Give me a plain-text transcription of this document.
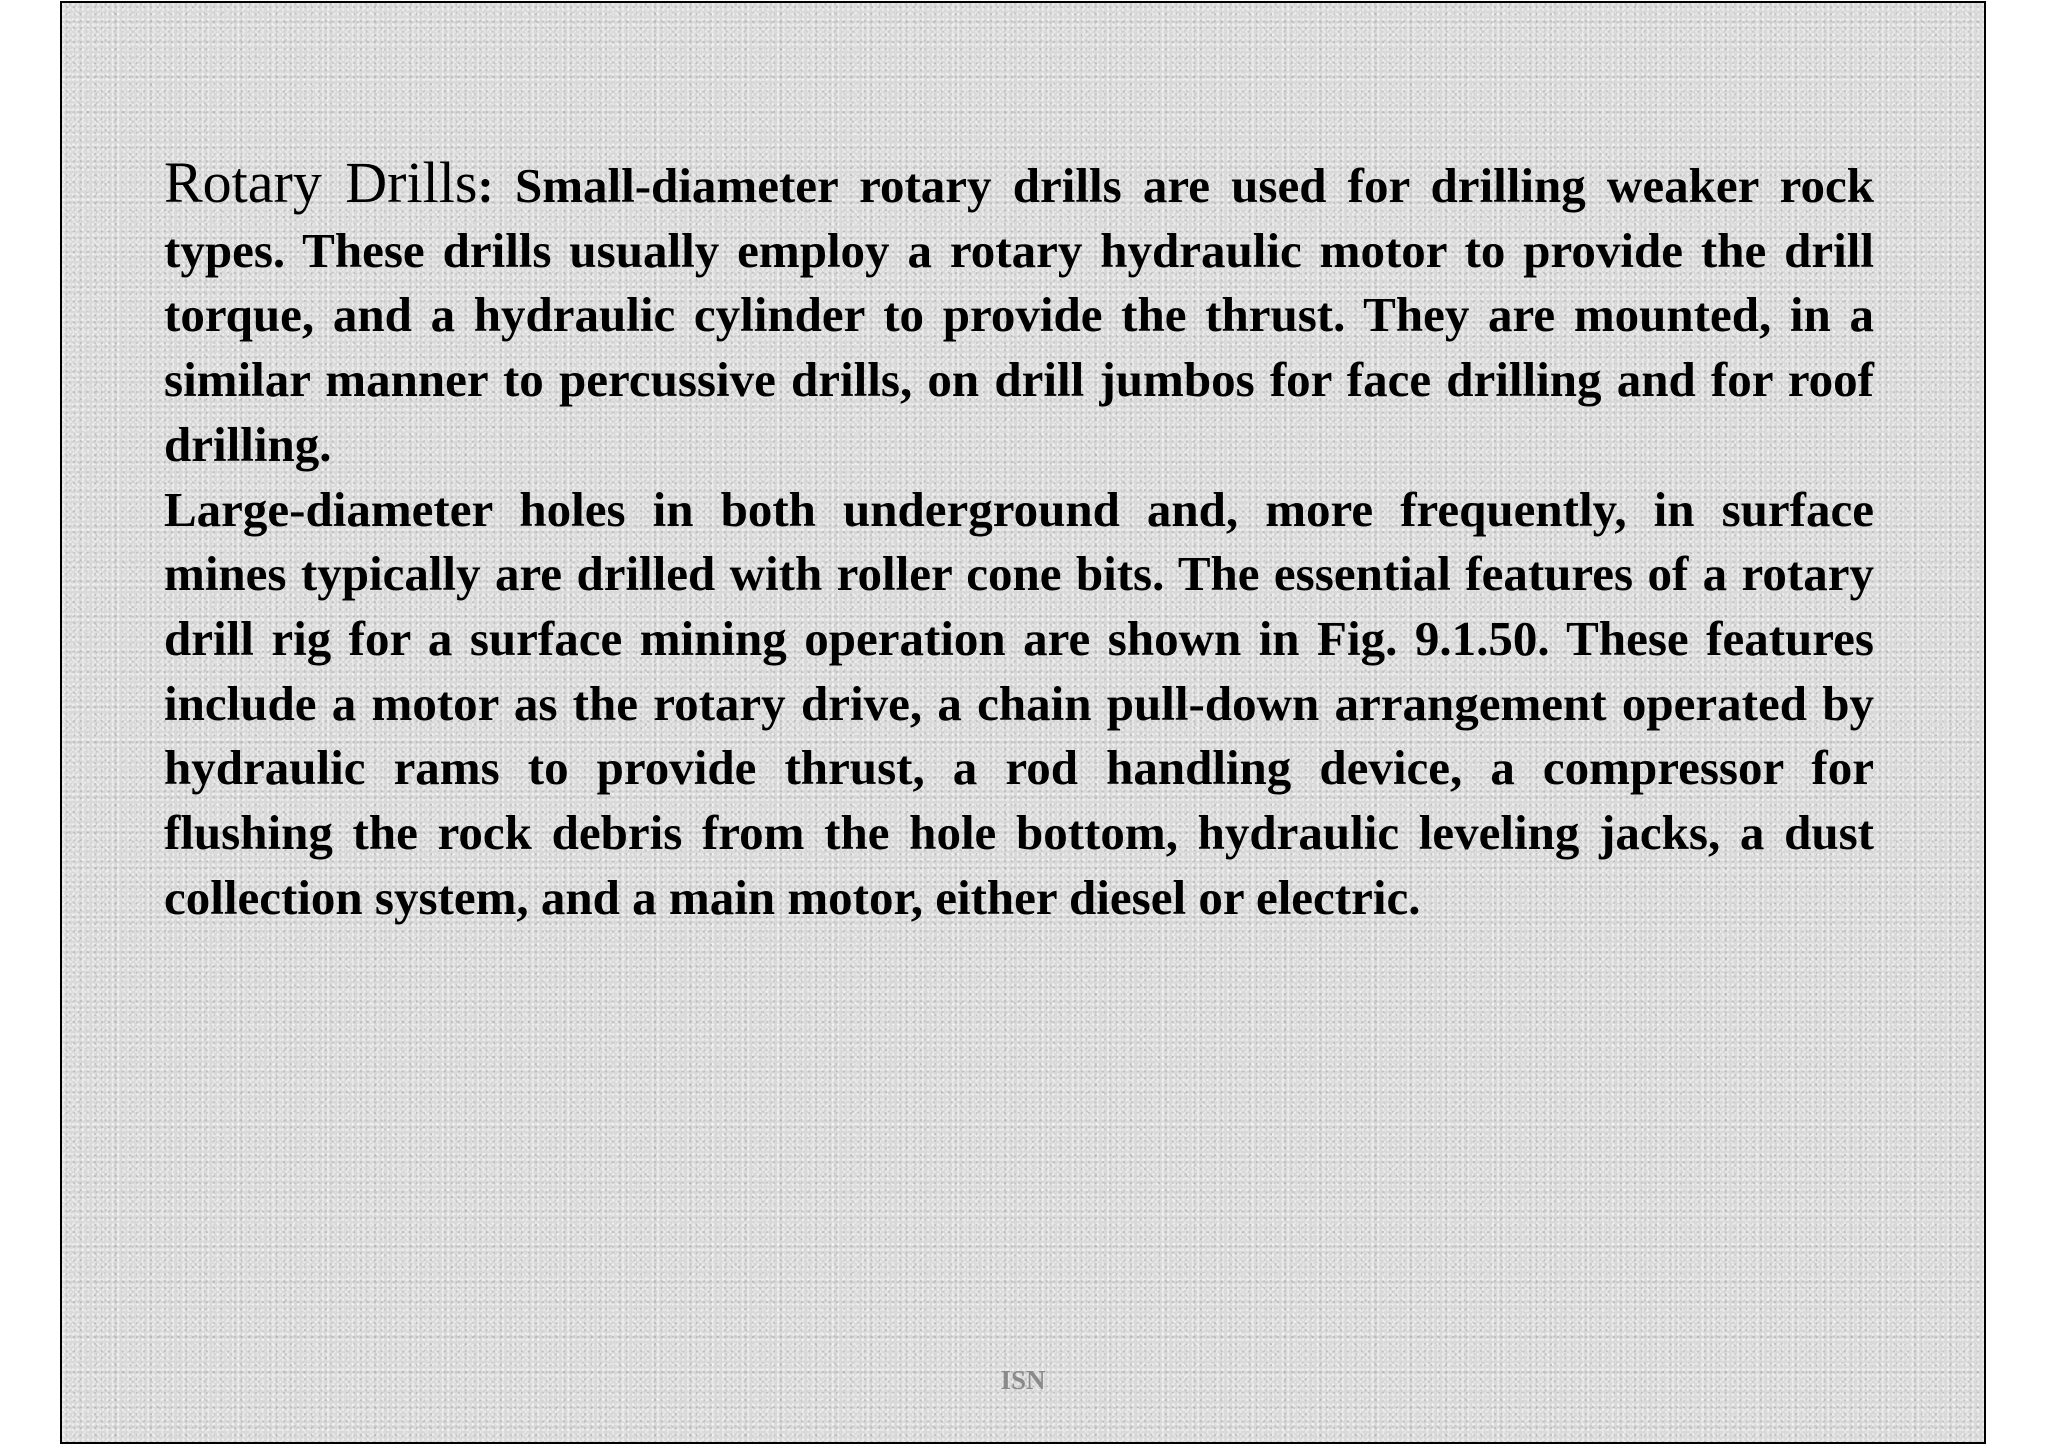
Rotary Drills: Small-diameter rotary drills are used for drilling weaker rock types. These drills usually employ a rotary hydraulic motor to provide the drill torque, and a hydraulic cylinder to provide the thrust. They are mounted, in a similar manner to percussive drills, on drill jumbos for face drilling and for roof drilling.

Large-diameter holes in both underground and, more frequently, in surface mines typically are drilled with roller cone bits. The essential features of a rotary drill rig for a surface mining operation are shown in Fig. 9.1.50. These features include a motor as the rotary drive, a chain pull-down arrangement operated by hydraulic rams to provide thrust, a rod handling device, a compressor for flushing the rock debris from the hole bottom, hydraulic leveling jacks, a dust collection system, and a main motor, either diesel or electric.

ISN
